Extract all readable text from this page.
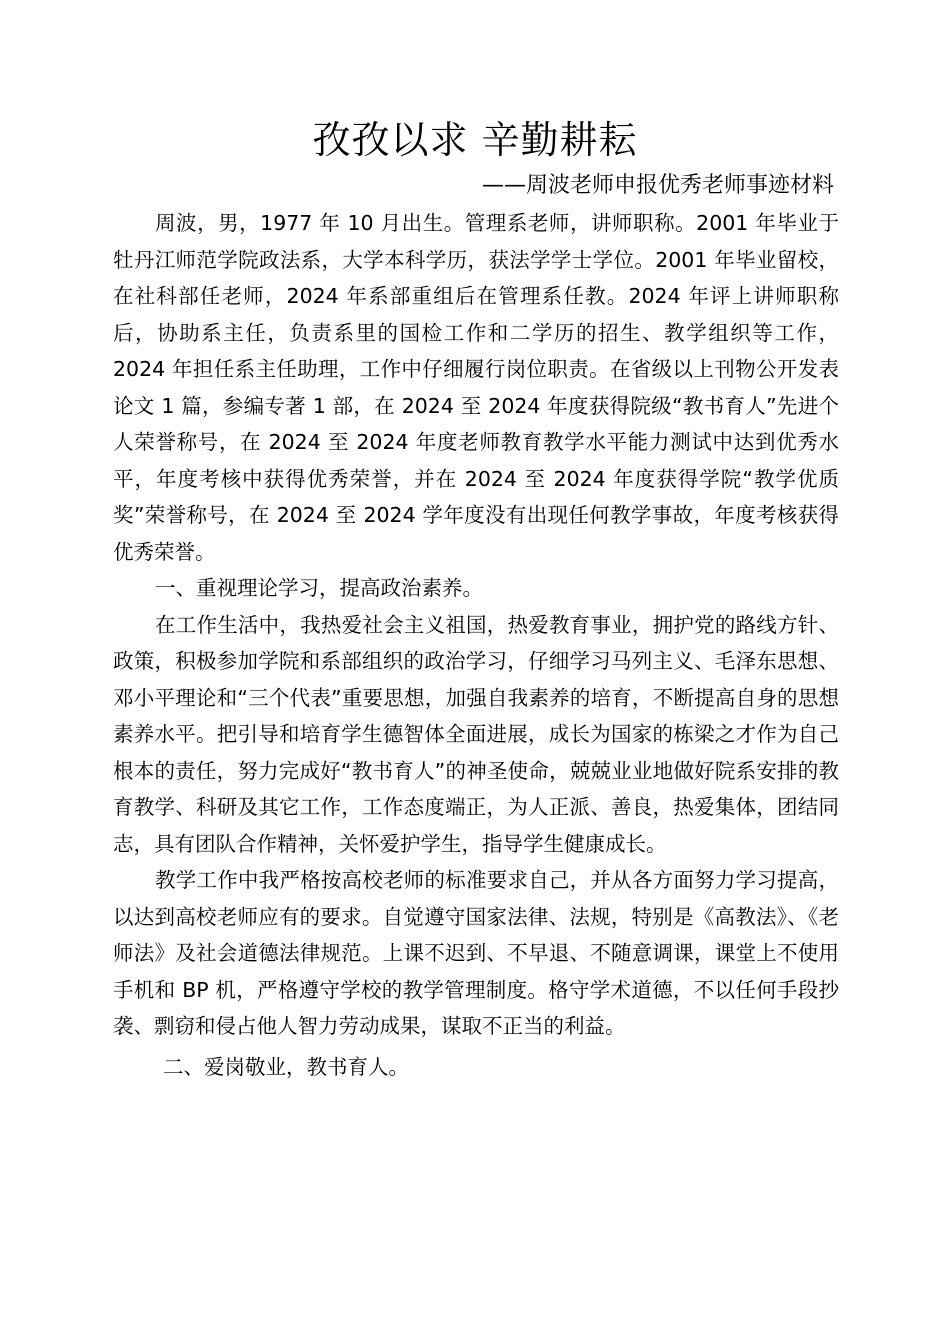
孜孜以求 辛勤耕耘

——周波老师申报优秀老师事迹材料

周波，男，1977 年 10 月出生。管理系老师，讲师职称。2001 年毕业于牡丹江师范学院政法系，大学本科学历，获法学学士学位。2001 年毕业留校，在社科部任老师，2024 年系部重组后在管理系任教。2024 年评上讲师职称后，协助系主任，负责系里的国检工作和二学历的招生、教学组织等工作，2024 年担任系主任助理，工作中仔细履行岗位职责。在省级以上刊物公开发表论文 1 篇，参编专著 1 部，在 2024 至 2024 年度获得院级“教书育人”先进个人荣誉称号，在 2024 至 2024 年度老师教育教学水平能力测试中达到优秀水平，年度考核中获得优秀荣誉，并在 2024 至 2024 年度获得学院“教学优质奖”荣誉称号，在 2024 至 2024 学年度没有出现任何教学事故，年度考核获得优秀荣誉。

一、重视理论学习，提高政治素养。

在工作生活中，我热爱社会主义祖国，热爱教育事业，拥护党的路线方针、政策，积极参加学院和系部组织的政治学习，仔细学习马列主义、毛泽东思想、邓小平理论和“三个代表”重要思想，加强自我素养的培育，不断提高自身的思想素养水平。把引导和培育学生德智体全面进展，成长为国家的栋梁之才作为自己根本的责任，努力完成好“教书育人”的神圣使命，兢兢业业地做好院系安排的教育教学、科研及其它工作，工作态度端正，为人正派、善良，热爱集体，团结同志，具有团队合作精神，关怀爱护学生，指导学生健康成长。

教学工作中我严格按高校老师的标准要求自己，并从各方面努力学习提高，以达到高校老师应有的要求。自觉遵守国家法律、法规，特别是《高教法》、《老师法》及社会道德法律规范。上课不迟到、不早退、不随意调课，课堂上不使用手机和 BP 机，严格遵守学校的教学管理制度。格守学术道德，不以任何手段抄袭、剽窃和侵占他人智力劳动成果，谋取不正当的利益。

二、爱岗敬业，教书育人。
